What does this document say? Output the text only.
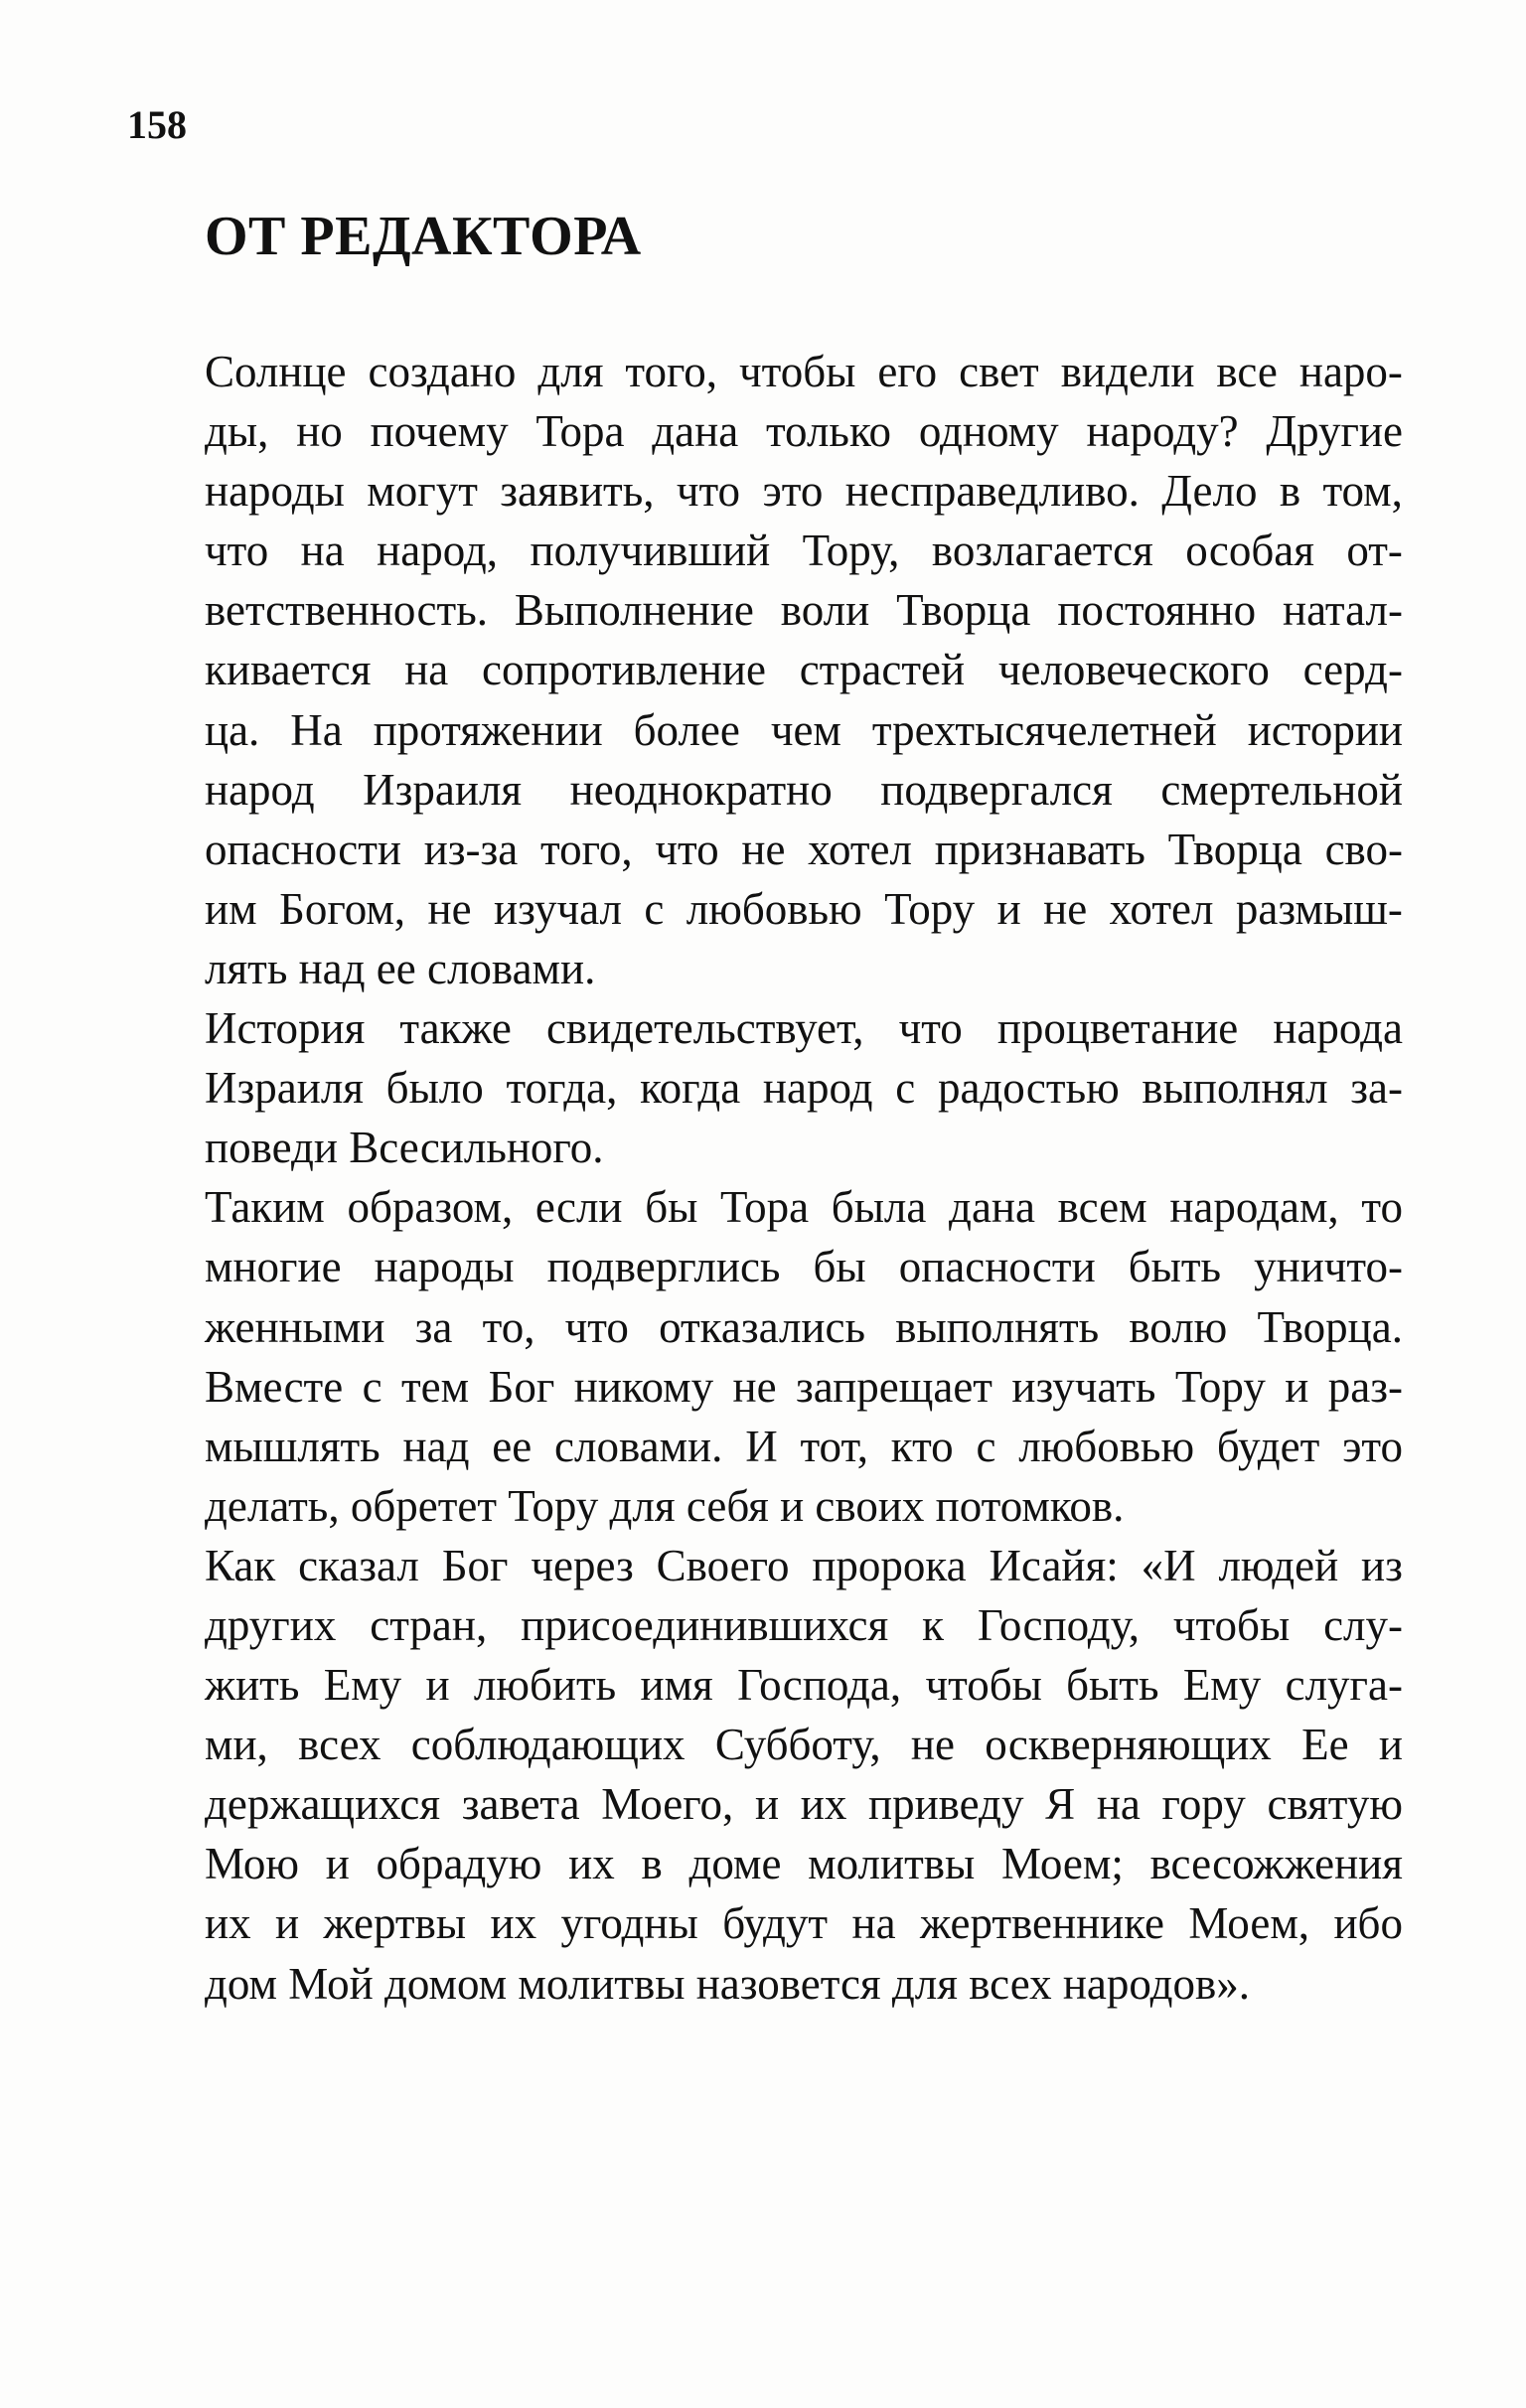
158
ОТ РЕДАКТОРА
Солнце создано для того, чтобы его свет видели все наро-
ды, но почему Тора дана только одному народу? Другие
народы могут заявить, что это несправедливо. Дело в том,
что на народ, получивший Тору, возлагается особая от-
ветственность. Выполнение воли Творца постоянно натал-
кивается на сопротивление страстей человеческого серд-
ца. На протяжении более чем трехтысячелетней истории
народ Израиля неоднократно подвергался смертельной
опасности из-за того, что не хотел признавать Творца сво-
им Богом, не изучал с любовью Тору и не хотел размыш-
лять над ее словами.
История также свидетельствует, что процветание народа
Израиля было тогда, когда народ с радостью выполнял за-
поведи Всесильного.
Таким образом, если бы Тора была дана всем народам, то
многие народы подверглись бы опасности быть уничто-
женными за то, что отказались выполнять волю Творца.
Вместе с тем Бог никому не запрещает изучать Тору и раз-
мышлять над ее словами. И тот, кто с любовью будет это
делать, обретет Тору для себя и своих потомков.
Как сказал Бог через Своего пророка Исайя: «И людей из
других стран, присоединившихся к Господу, чтобы слу-
жить Ему и любить имя Господа, чтобы быть Ему слуга-
ми, всех соблюдающих Субботу, не оскверняющих Ее и
держащихся завета Моего, и их приведу Я на гору святую
Мою и обрадую их в доме молитвы Моем; всесожжения
их и жертвы их угодны будут на жертвеннике Моем, ибо
дом Мой домом молитвы назовется для всех народов».
